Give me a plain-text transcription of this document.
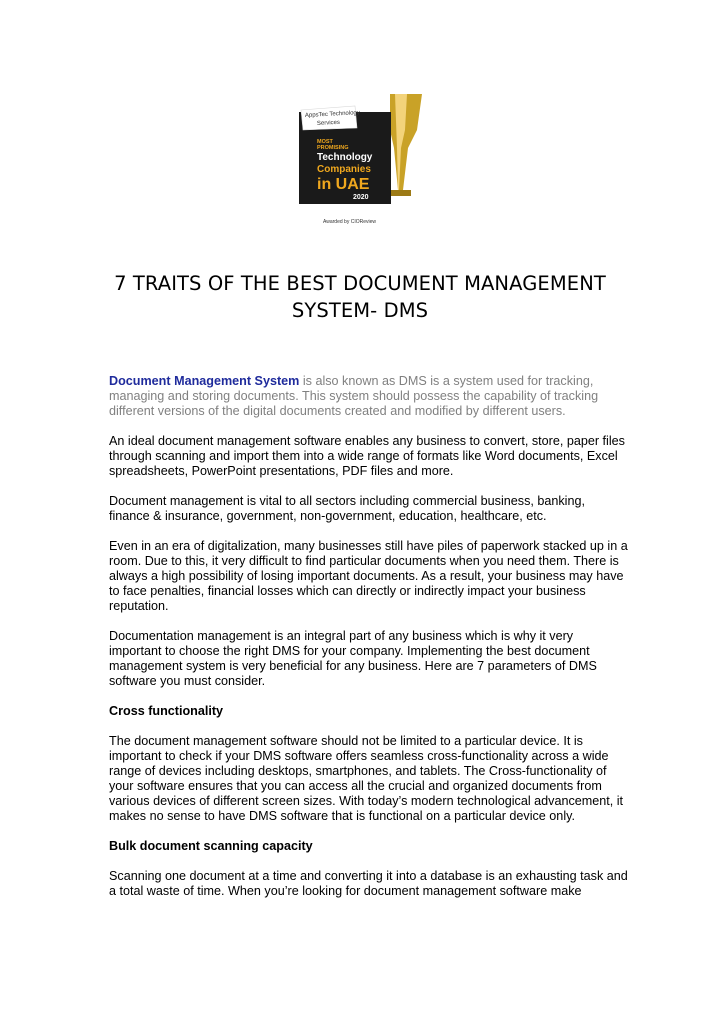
AppsTec Technology
Services
MOST
PROMISING
Technology
Companies
in UAE
2020
Awarded by CIOReview
7 TRAITS OF THE BEST DOCUMENT MANAGEMENT
SYSTEM- DMS

Document Management System is also known as DMS is a system used for tracking, managing and storing documents. This system should possess the capability of tracking different versions of the digital documents created and modified by different users.

An ideal document management software enables any business to convert, store, paper files through scanning and import them into a wide range of formats like Word documents, Excel spreadsheets, PowerPoint presentations, PDF files and more.

Document management is vital to all sectors including commercial business, banking, finance & insurance, government, non-government, education, healthcare, etc.

Even in an era of digitalization, many businesses still have piles of paperwork stacked up in a room. Due to this, it very difficult to find particular documents when you need them. There is always a high possibility of losing important documents. As a result, your business may have to face penalties, financial losses which can directly or indirectly impact your business reputation.

Documentation management is an integral part of any business which is why it very important to choose the right DMS for your company. Implementing the best document management system is very beneficial for any business. Here are 7 parameters of DMS software you must consider.

Cross functionality

The document management software should not be limited to a particular device. It is important to check if your DMS software offers seamless cross-functionality across a wide range of devices including desktops, smartphones, and tablets. The Cross-functionality of your software ensures that you can access all the crucial and organized documents from various devices of different screen sizes. With today’s modern technological advancement, it makes no sense to have DMS software that is functional on a particular device only.

Bulk document scanning capacity

Scanning one document at a time and converting it into a database is an exhausting task and a total waste of time. When you’re looking for document management software make
